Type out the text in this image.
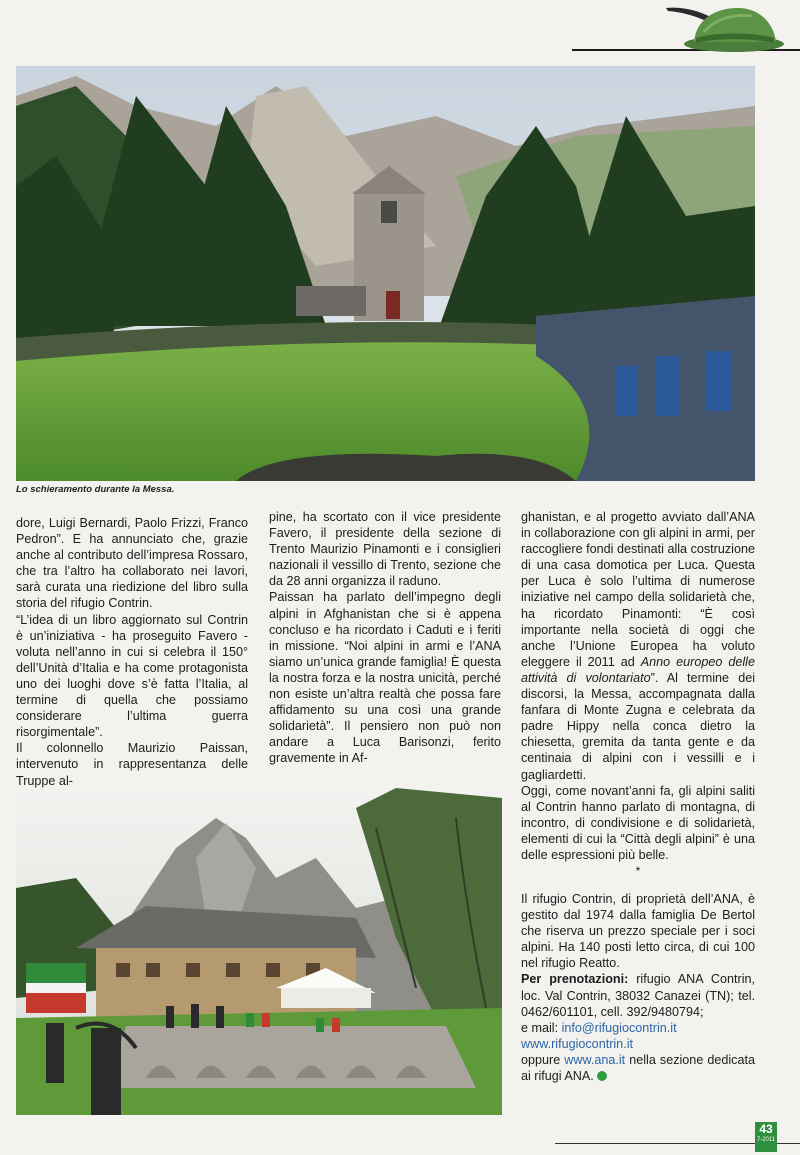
Lo schieramento durante la Messa.

dore, Luigi Bernardi, Paolo Frizzi, Franco Pedron”. E ha annunciato che, grazie anche al contributo dell’impresa Rossaro, che tra l’altro ha collaborato nei lavori, sarà curata una riedizione del libro sulla storia del rifugio Contrin.

“L’idea di un libro aggiornato sul Contrin è un’iniziativa - ha proseguito Favero - voluta nell’anno in cui si celebra il 150° dell’Unità d’Italia e ha come protagonista uno dei luoghi dove s’è fatta l’Italia, al termine di quella che possiamo considerare l’ultima guerra risorgimentale”.

Il colonnello Maurizio Paissan, intervenuto in rappresentanza delle Truppe al-

pine, ha scortato con il vice presidente Favero, il presidente della sezione di Trento Maurizio Pinamonti e i consiglieri nazionali il vessillo di Trento, sezione che da 28 anni organizza il raduno.

Paissan ha parlato dell’impegno degli alpini in Afghanistan che si è appena concluso e ha ricordato i Caduti e i feriti in missione. “Noi alpini in armi e l’ANA siamo un’unica grande famiglia! È questa la nostra forza e la nostra unicità, perché non esiste un’altra realtà che possa fare affidamento su una così una grande solidarietà”. Il pensiero non può non andare a Luca Barisonzi, ferito gravemente in Af-

ghanistan, e al progetto avviato dall’ANA in collaborazione con gli alpini in armi, per raccogliere fondi destinati alla costruzione di una casa domotica per Luca. Questa per Luca è solo l’ultima di numerose iniziative nel campo della solidarietà che, ha ricordato Pinamonti: “È così importante nella società di oggi che anche l’Unione Europea ha voluto eleggere il 2011 ad Anno europeo delle attività di volontariato”. Al termine dei discorsi, la Messa, accompagnata dalla fanfara di Monte Zugna e celebrata da padre Hippy nella conca dietro la chiesetta, gremita da tanta gente e da centinaia di alpini con i vessilli e i gagliardetti.

Oggi, come novant’anni fa, gli alpini saliti al Contrin hanno parlato di montagna, di incontro, di condivisione e di solidarietà, elementi di cui la “Città degli alpini” è una delle espressioni più belle.

*

Il rifugio Contrin, di proprietà dell’ANA, è gestito dal 1974 dalla famiglia De Bertol che riserva un prezzo speciale per i soci alpini. Ha 140 posti letto circa, di cui 100 nel rifugio Reatto.

Per prenotazioni: rifugio ANA Contrin, loc. Val Contrin, 38032 Canazei (TN); tel. 0462/601101, cell. 392/9480794;

e mail: info@rifugiocontrin.it

www.rifugiocontrin.it

oppure www.ana.it nella sezione dedicata ai rifugi ANA.

43
7-2011
